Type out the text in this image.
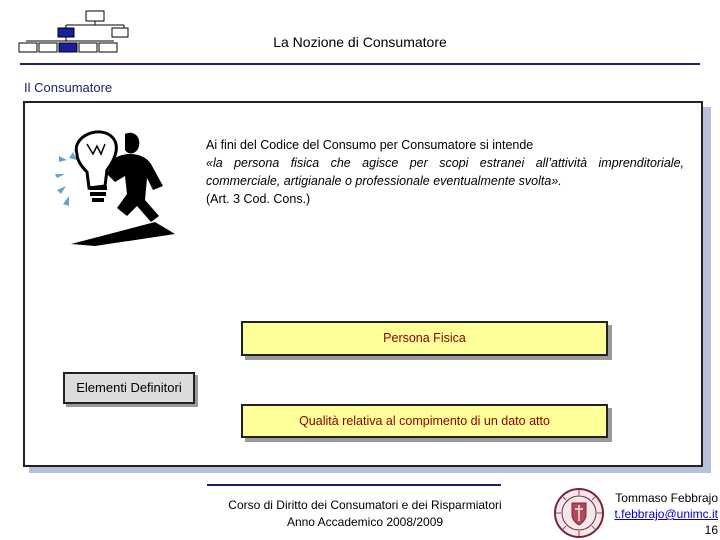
La Nozione di Consumatore
Il Consumatore

Ai fini del Codice del Consumo per Consumatore si intende

«la persona fisica che agisce per scopi estranei all’attività imprenditoriale, commerciale, artigianale o professionale eventualmente svolta».

(Art. 3 Cod. Cons.)

Persona Fisica
Elementi Definitori
Qualità relativa al compimento di un dato atto
Corso di Diritto dei Consumatori e dei Risparmiatori
Anno Accademico 2008/2009
Tommaso Febbrajo
t.febbrajo@unimc.it
16
